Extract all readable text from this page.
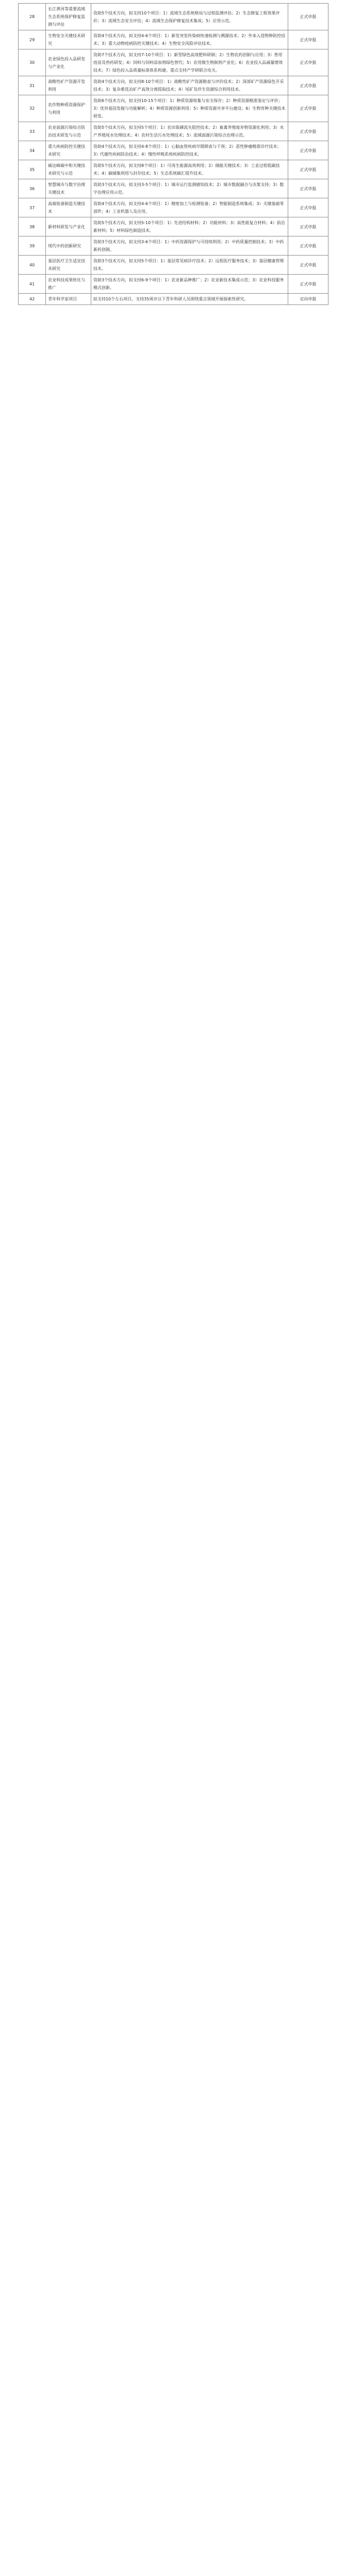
28	长江黄河等重要流域生态系统保护修复监测与评估	资助5个技术方向，拟支持10个项目：1）流域生态系统格局与过程监测评估；2）生态修复工程效果评价；3）流域生态安全评估；4）流域生态保护修复技术集成；5）应用示范。	正式申报
29	生物安全关键技术研究	资助4个技术方向，拟支持4-6个项目：1）新发突发传染病快速检测与溯源技术；2）外来入侵物种防控技术；3）重大动物疫病防控关键技术；4）生物安全风险评估技术。	正式申报
30	农业绿色投入品研发与产业化	资助7个技术方向，拟支持7-10个项目：1）新型绿色高效肥料研制；2）生物农药创制与应用；3）兽用疫苗及兽药研发；4）饲料与饲料添加剂绿色替代；5）农用微生物制剂产业化；6）农业投入品减量增效技术；7）绿色投入品质量标准体系构建。重点支持产学研联合攻关。	正式申报
31	战略性矿产资源开发利用	资助4个技术方向，拟支持8-10个项目：1）战略性矿产资源勘查与评价技术；2）深部矿产资源绿色开采技术；3）复杂难选冶矿产高效分离提取技术；4）尾矿及伴生资源综合利用技术。	正式申报
32	农作物种质资源保护与利用	资助6个技术方向，拟支持10-15个项目：1）种质资源收集与安全保存；2）种质资源精准鉴定与评价；3）优异基因发掘与功能解析；4）种质资源创新利用；5）种质资源共享平台建设；6）生物育种关键技术研发。	正式申报
33	农业面源污染综合防治技术研发与示范	资助5个技术方向，拟支持5个项目：1）农田氮磷流失阻控技术；2）畜禽养殖废弃物资源化利用；3）水产养殖尾水处理技术；4）农村生活污水处理技术；5）流域面源污染综合治理示范。	正式申报
34	重大疾病防控关键技术研究	资助4个技术方向，拟支持4-8个项目：1）心脑血管疾病早期筛查与干预；2）恶性肿瘤精准诊疗技术；3）代谢性疾病防治技术；4）慢性呼吸系统疾病防控技术。	正式申报
35	碳达峰碳中和关键技术研究与示范	资助5个技术方向，拟支持8个项目：1）可再生能源高效利用；2）储能关键技术；3）工业过程低碳技术；4）碳捕集利用与封存技术；5）生态系统碳汇提升技术。	正式申报
36	智慧城市与数字治理关键技术	资助3个技术方向，拟支持3-5个项目：1）城市运行监测感知技术；2）城市数据融合与决策支持；3）数字治理应用示范。	正式申报
37	高端装备制造关键技术	资助4个技术方向，拟支持4-6个项目：1）精密加工与检测装备；2）智能制造系统集成；3）关键基础零部件；4）工业机器人及应用。	正式申报
38	新材料研发与产业化	资助5个技术方向，拟支持5-10个项目：1）先进结构材料；2）功能材料；3）高性能复合材料；4）前沿新材料；5）材料绿色制造技术。	正式申报
39	现代中药创新研究	资助3个技术方向，拟支持3-6个项目：1）中药资源保护与可持续利用；2）中药质量控制技术；3）中药新药创制。	正式申报
40	基层医疗卫生适宜技术研究	资助3个技术方向，拟支持5个项目：1）基层常见病诊疗技术；2）远程医疗服务技术；3）基层健康管理技术。	正式申报
41	农业科技成果转化与推广	资助3个技术方向，拟支持6-9个项目：1）农业新品种推广；2）农业新技术集成示范；3）农业科技服务模式创新。	正式申报
42	青年科学家项目	拟支持10个左右项目，支持35周岁以下青年科研人员围绕重点领域开展探索性研究。	定向申报
